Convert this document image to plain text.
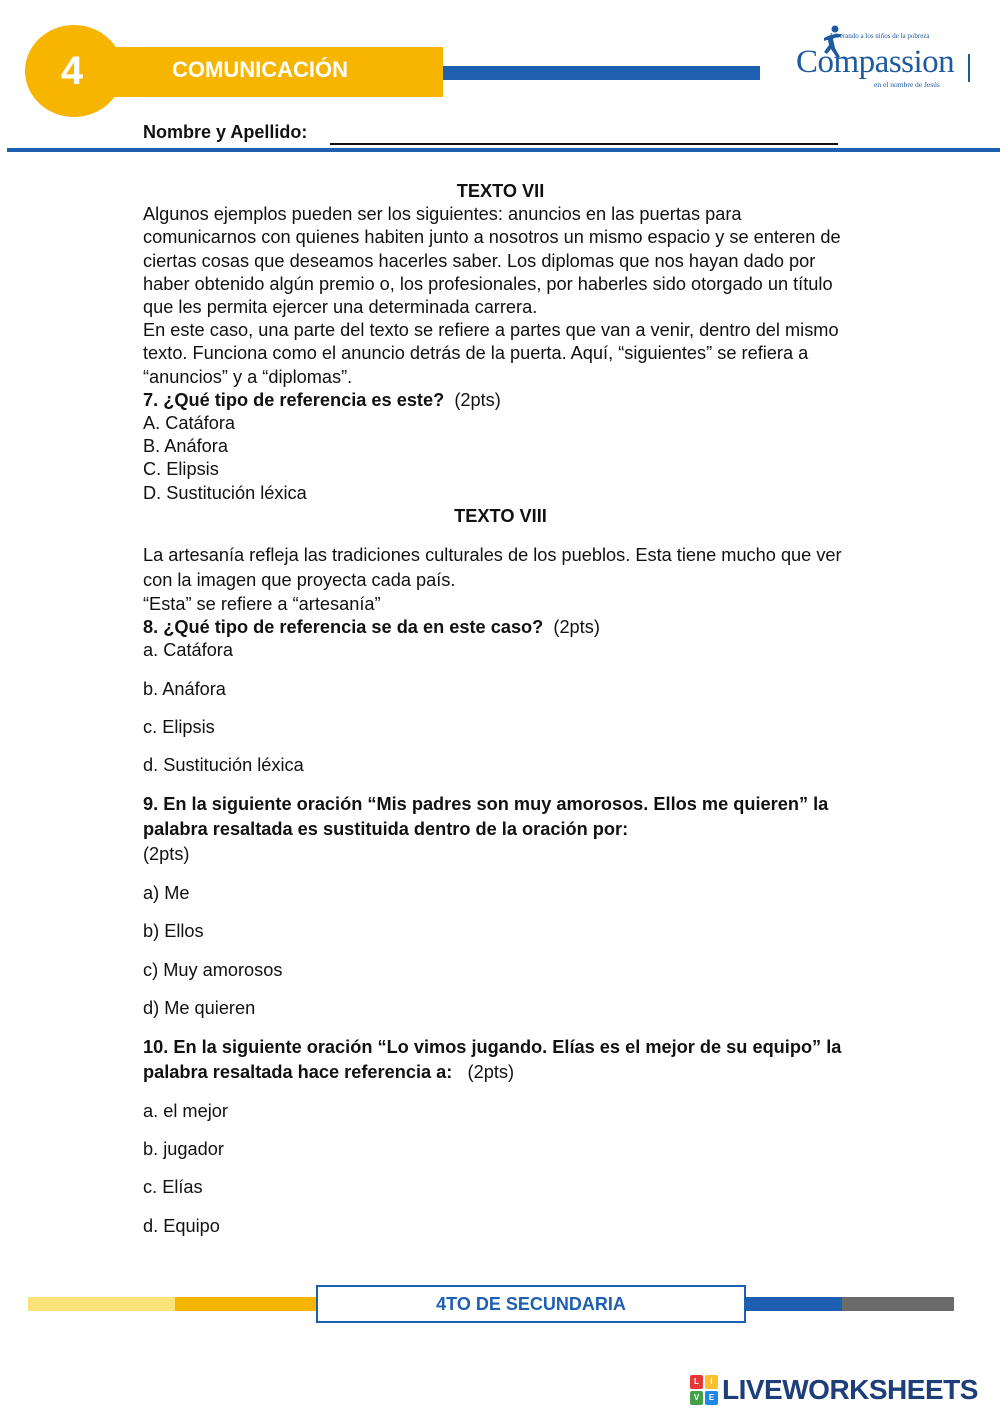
COMUNICACIÓN
4
Liberando a los niños de la pobreza
Compassion
en el nombre de Jesús
Nombre y Apellido:

TEXTO VII

Algunos ejemplos pueden ser los siguientes: anuncios en las puertas para comunicarnos con quienes habiten junto a nosotros un mismo espacio y se enteren de ciertas cosas que deseamos hacerles saber. Los diplomas que nos hayan dado por haber obtenido algún premio o, los profesionales, por haberles sido otorgado un título que les permita ejercer una determinada carrera.

En este caso, una parte del texto se refiere a partes que van a venir, dentro del mismo texto. Funciona como el anuncio detrás de la puerta. Aquí, “siguientes” se refiera a “anuncios” y a “diplomas”.

7. ¿Qué tipo de referencia es este? (2pts)

A. Catáfora

B. Anáfora

C. Elipsis

D. Sustitución léxica

TEXTO VIII

La artesanía refleja las tradiciones culturales de los pueblos. Esta tiene mucho que ver con la imagen que proyecta cada país.

“Esta” se refiere a “artesanía”

8. ¿Qué tipo de referencia se da en este caso? (2pts)

a. Catáfora

b. Anáfora

c. Elipsis

d. Sustitución léxica

9. En la siguiente oración “Mis padres son muy amorosos. Ellos me quieren” la palabra resaltada es sustituida dentro de la oración por:
(2pts)

a) Me

b) Ellos

c) Muy amorosos

d) Me quieren

10. En la siguiente oración “Lo vimos jugando. Elías es el mejor de su equipo” la palabra resaltada hace referencia a: (2pts)

a. el mejor

b. jugador

c. Elías

d. Equipo

4TO DE SECUNDARIA
L	I
V	E LIVEWORKSHEETS
